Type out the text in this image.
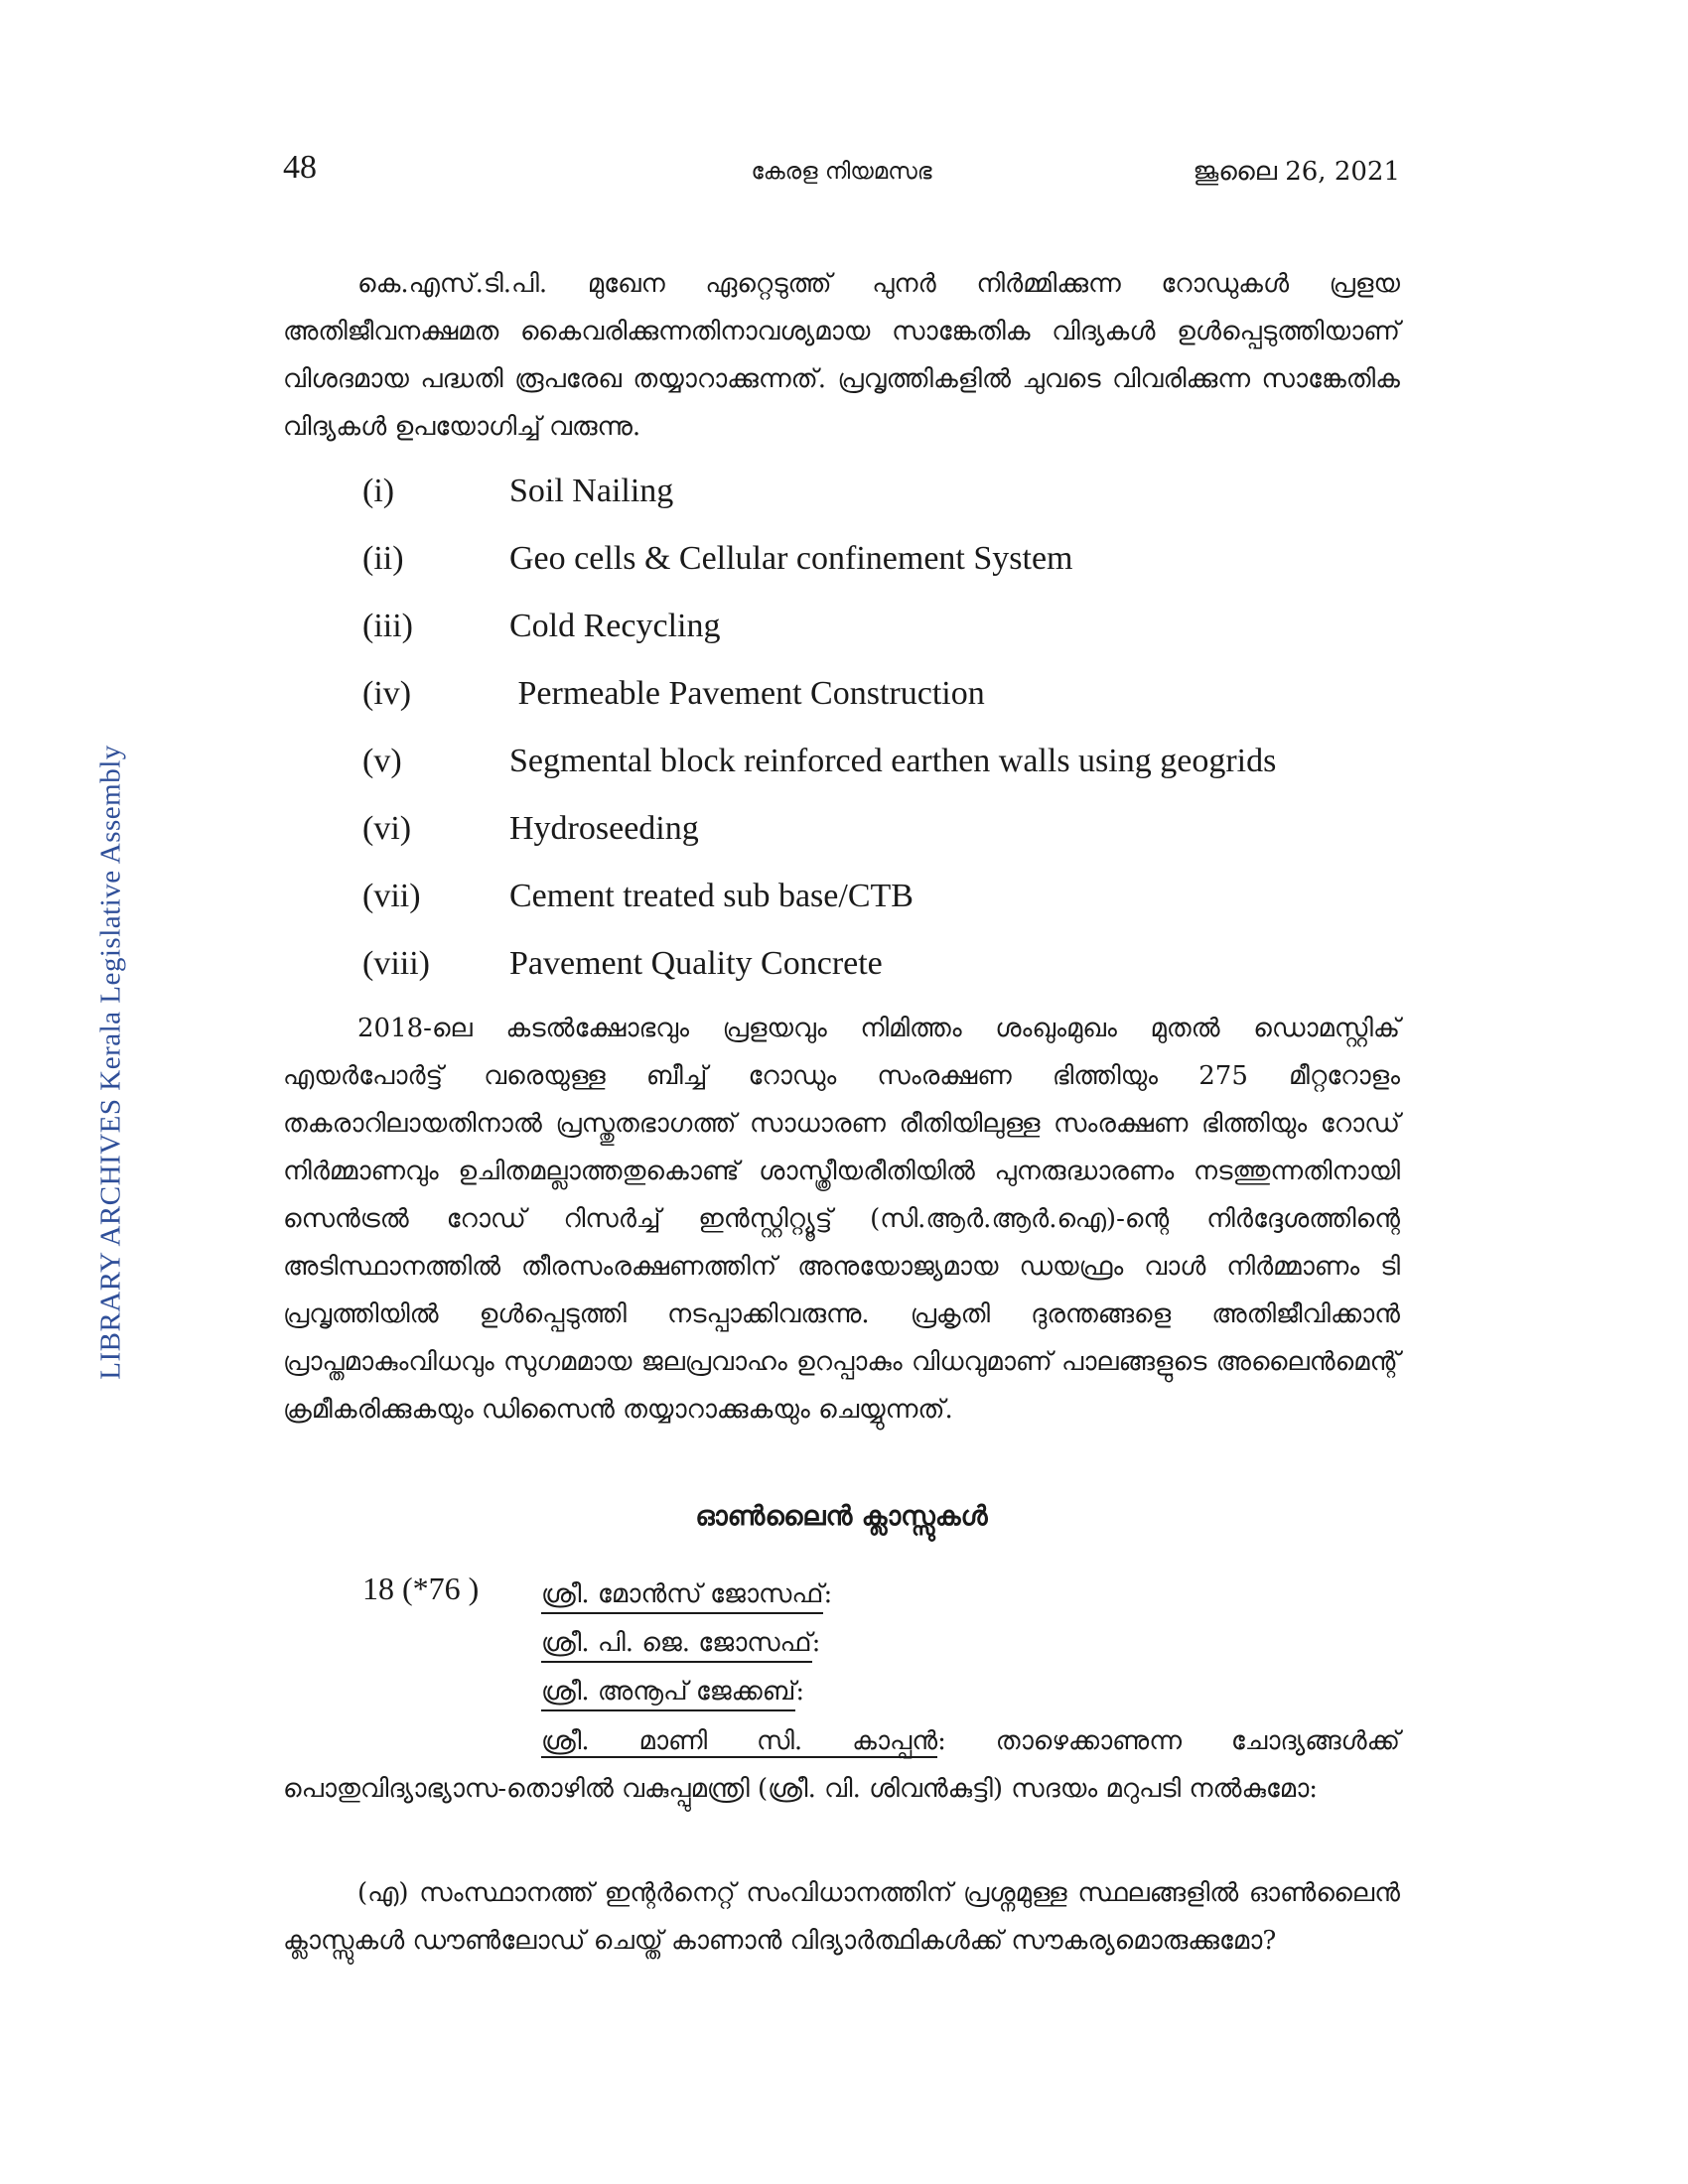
LIBRARY ARCHIVES Kerala Legislative Assembly
48	കേരള നിയമസഭ	ജൂലൈ 26, 2021

കെ.എസ്.ടി.പി. മുഖേന ഏറ്റെടുത്ത് പുനർ നിർമ്മിക്കുന്ന റോഡുകൾ പ്രളയ അതിജീവനക്ഷമത കൈവരിക്കുന്നതിനാവശ്യമായ സാങ്കേതിക വിദ്യകൾ ഉൾപ്പെടുത്തിയാണ് വിശദമായ പദ്ധതി രൂപരേഖ തയ്യാറാക്കുന്നത്. പ്രവൃത്തികളിൽ ചുവടെ വിവരിക്കുന്ന സാങ്കേതിക വിദ്യകൾ ഉപയോഗിച്ച് വരുന്നു.

(i)	Soil Nailing
(ii)	Geo cells & Cellular confinement System
(iii)	Cold Recycling
(iv)	Permeable Pavement Construction
(v)	Segmental block reinforced earthen walls using geogrids
(vi)	Hydroseeding
(vii)	Cement treated sub base/CTB
(viii)	Pavement Quality Concrete

2018-ലെ കടൽക്ഷോഭവും പ്രളയവും നിമിത്തം ശംഖുംമുഖം മുതൽ ഡൊമസ്റ്റിക് എയർപോർട്ട് വരെയുള്ള ബീച്ച് റോഡും സംരക്ഷണ ഭിത്തിയും 275 മീറ്ററോളം തകരാറിലായതിനാൽ പ്രസ്തുതഭാഗത്ത് സാധാരണ രീതിയിലുള്ള സംരക്ഷണ ഭിത്തിയും റോഡ് നിർമ്മാണവും ഉചിതമല്ലാത്തതുകൊണ്ട് ശാസ്ത്രീയരീതിയിൽ പുനരുദ്ധാരണം നടത്തുന്നതിനായി സെൻട്രൽ റോഡ് റിസർച്ച് ഇൻസ്റ്റിറ്റ്യൂട്ട് (സി.ആർ.ആർ.ഐ)-ന്റെ നിർദ്ദേശത്തിന്റെ അടിസ്ഥാനത്തിൽ തീരസംരക്ഷണത്തിന് അനുയോജ്യമായ ഡയഫ്രം വാൾ നിർമ്മാണം ടി പ്രവൃത്തിയിൽ ഉൾപ്പെടുത്തി നടപ്പാക്കിവരുന്നു. പ്രകൃതി ദുരന്തങ്ങളെ അതിജീവിക്കാൻ പ്രാപ്തമാകുംവിധവും സുഗമമായ ജലപ്രവാഹം ഉറപ്പാകും വിധവുമാണ് പാലങ്ങളുടെ അലൈൻമെന്റ് ക്രമീകരിക്കുകയും ഡിസൈൻ തയ്യാറാക്കുകയും ചെയ്യുന്നത്.

ഓൺലൈൻ ക്ലാസ്സുകൾ
18 (*76 ) ശ്രീ. മോൻസ് ജോസഫ്:
ശ്രീ. പി. ജെ. ജോസഫ്:
ശ്രീ. അനൂപ് ജേക്കബ്:

ശ്രീ. മാണി സി. കാപ്പൻ: താഴെക്കാണുന്ന ചോദ്യങ്ങൾക്ക് പൊതുവിദ്യാഭ്യാസ-തൊഴിൽ വകുപ്പുമന്ത്രി (ശ്രീ. വി. ശിവൻകുട്ടി) സദയം മറുപടി നൽകുമോ:

(എ) സംസ്ഥാനത്ത് ഇന്റർനെറ്റ് സംവിധാനത്തിന് പ്രശ്നമുള്ള സ്ഥലങ്ങളിൽ ഓൺലൈൻ ക്ലാസ്സുകൾ ഡൗൺലോഡ് ചെയ്ത് കാണാൻ വിദ്യാർത്ഥികൾക്ക് സൗകര്യമൊരുക്കുമോ?
